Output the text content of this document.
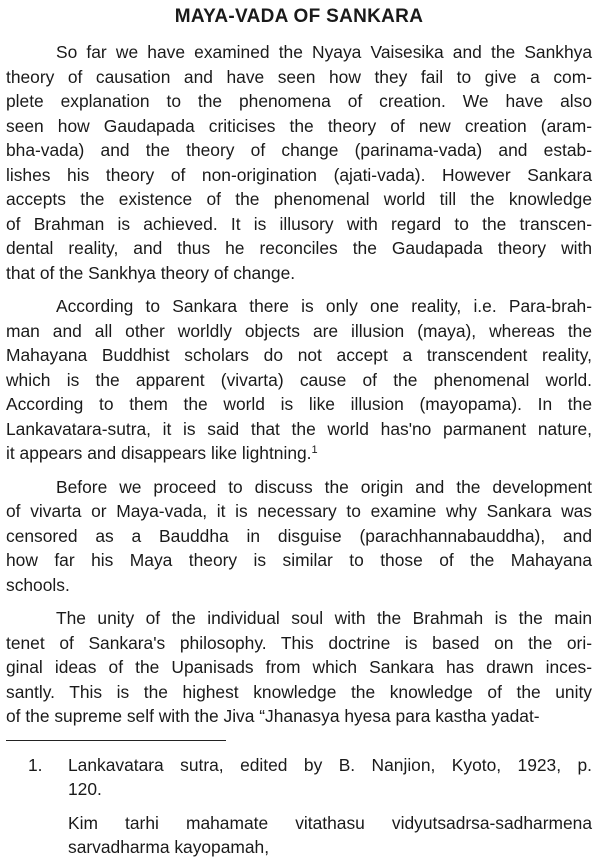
MAYA-VADA OF SANKARA
So far we have examined the Nyaya Vaisesika and the Sankhya
theory of causation and have seen how they fail to give a com-
plete explanation to the phenomena of creation. We have also
seen how Gaudapada criticises the theory of new creation (aram-
bha-vada) and the theory of change (parinama-vada) and estab-
lishes his theory of non-origination (ajati-vada). However Sankara
accepts the existence of the phenomenal world till the knowledge
of Brahman is achieved. It is illusory with regard to the transcen-
dental reality, and thus he reconciles the Gaudapada theory with
that of the Sankhya theory of change.
According to Sankara there is only one reality, i.e. Para-brah-
man and all other worldly objects are illusion (maya), whereas the
Mahayana Buddhist scholars do not accept a transcendent reality,
which is the apparent (vivarta) cause of the phenomenal world.
According to them the world is like illusion (mayopama). In the
Lankavatara-sutra, it is said that the world has'no parmanent nature,
it appears and disappears like lightning.$^1$
Before we proceed to discuss the origin and the development
of vivarta or Maya-vada, it is necessary to examine why Sankara was
censored as a Bauddha in disguise (parachhannabauddha), and
how far his Maya theory is similar to those of the Mahayana
schools.
The unity of the individual soul with the Brahmah is the main
tenet of Sankara's philosophy. This doctrine is based on the ori-
ginal ideas of the Upanisads from which Sankara has drawn inces-
santly. This is the highest knowledge the knowledge of the unity
of the supreme self with the Jiva “Jhanasya hyesa para kastha yadat-
1. Lankavatara sutra, edited by B. Nanjion, Kyoto, 1923, p.
120.
Kim tarhi mahamate vitathasu vidyutsadrsa-sadharmena
sarvadharma kayopamah,
